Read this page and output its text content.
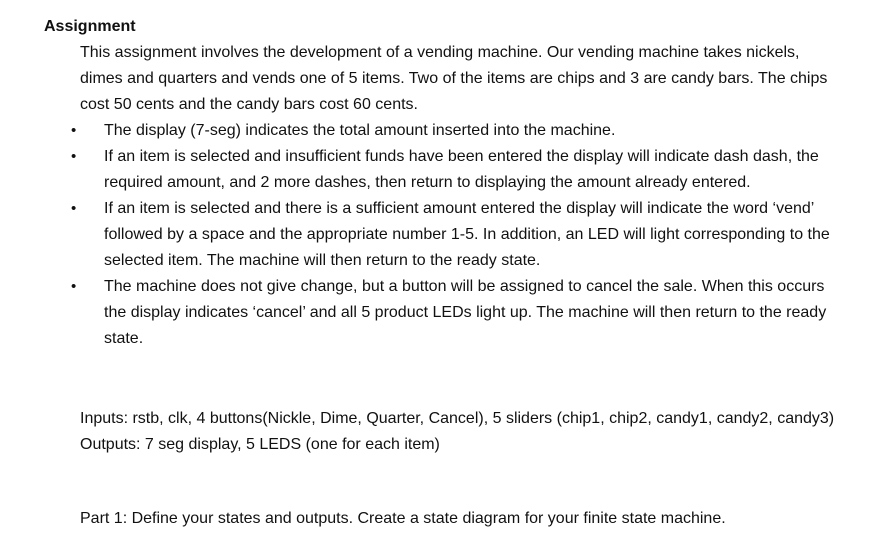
Assignment

This assignment involves the development of a vending machine. Our vending machine takes nickels, dimes and quarters and vends one of 5 items. Two of the items are chips and 3 are candy bars. The chips cost 50 cents and the candy bars cost 60 cents.

•	The display (7-seg) indicates the total amount inserted into the machine.
•	If an item is selected and insufficient funds have been entered the display will indicate dash dash, the required amount, and 2 more dashes, then return to displaying the amount already entered.
•	If an item is selected and there is a sufficient amount entered the display will indicate the word ‘vend’ followed by a space and the appropriate number 1-5. In addition, an LED will light corresponding to the selected item. The machine will then return to the ready state.
•	The machine does not give change, but a button will be assigned to cancel the sale. When this occurs the display indicates ‘cancel’ and all 5 product LEDs light up. The machine will then return to the ready state.

Inputs: rstb, clk, 4 buttons(Nickle, Dime, Quarter, Cancel), 5 sliders (chip1, chip2, candy1, candy2, candy3)

Outputs: 7 seg display, 5 LEDS (one for each item)

Part 1: Define your states and outputs. Create a state diagram for your finite state machine.
